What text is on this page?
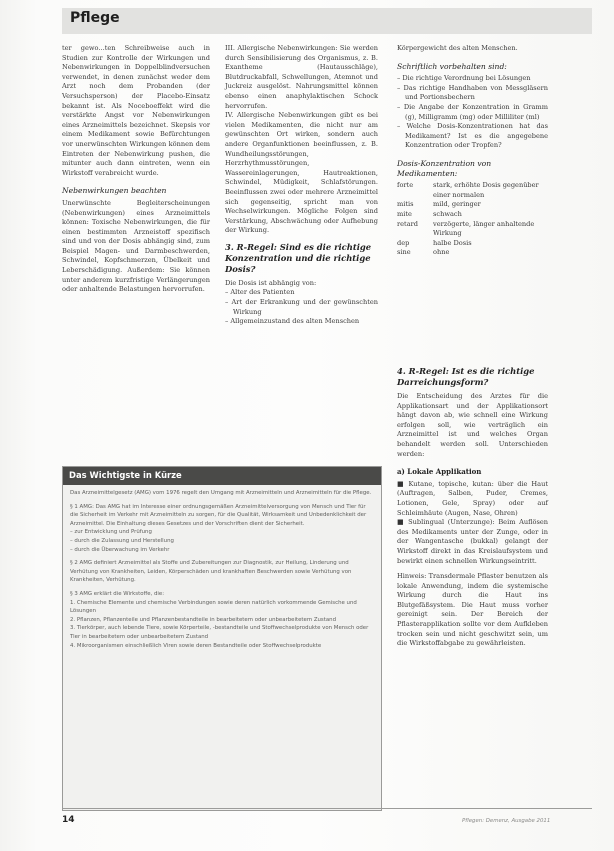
Pflege

ter gewo...ten Schreibweise auch in Studien zur Kontrolle der Wirkungen und Nebenwirkungen in Doppelblindversuchen verwendet, in denen zunächst weder dem Arzt noch dem Probanden (der Versuchsperson) der Placebo-Einsatz bekannt ist. Als Noceboeffekt wird die verstärkte Angst vor Nebenwirkungen eines Arzneimittels bezeichnet. Skepsis vor einem Medikament sowie Befürchtungen vor unerwünschten Wirkungen können dem Eintreten der Nebenwirkung pushen, die mitunter auch dann eintreten, wenn ein Wirkstoff verabreicht wurde.

Nebenwirkungen beachten

Unerwünschte Begleiterscheinungen (Nebenwirkungen) eines Arzneimittels können: Toxische Nebenwirkungen, die für einen bestimmten Arzneistoff spezifisch sind und von der Dosis abhängig sind, zum Beispiel Magen- und Darmbeschwerden, Schwindel, Kopfschmerzen, Übelkeit und Leberschädigung. Außerdem: Sie können unter anderem kurzfristige Verlängerungen oder anhaltende Belastungen hervorrufen.

III. Allergische Nebenwirkungen: Sie werden durch Sensibilisierung des Organismus, z. B. Exantheme (Hautausschläge), Blutdruckabfall, Schwellungen, Atemnot und Juckreiz ausgelöst. Nahrungsmittel können ebenso einen anaphylaktischen Schock hervorrufen.

IV. Allergische Nebenwirkungen gibt es bei vielen Medikamenten, die nicht nur am gewünschten Ort wirken, sondern auch andere Organfunktionen beeinflussen, z. B. Wundheilungsstörungen, Herzrhythmusstörungen, Wassereinlagerungen, Hautreaktionen, Schwindel, Müdigkeit, Schlafstörungen. Beeinflussen zwei oder mehrere Arzneimittel sich gegenseitig, spricht man von Wechselwirkungen. Mögliche Folgen sind Verstärkung, Abschwächung oder Aufhebung der Wirkung.

3. R-Regel: Sind es die richtige Konzentration und die richtige Dosis?

Die Dosis ist abhängig von:

– Alter des Patienten

– Art der Erkrankung und der gewünschten Wirkung

– Allgemeinzustand des alten Menschen

Körpergewicht des alten Menschen.

Schriftlich vorbehalten sind:

– Die richtige Verordnung bei Lösungen

– Das richtige Handhaben von Messgläsern und Portionsbechern

– Die Angabe der Konzentration in Gramm (g), Milligramm (mg) oder Milliliter (ml)

– Welche Dosis-Konzentrationen hat das Medikament? Ist es die angegebene Konzentration oder Tropfen?

Dosis-Konzentration von Medikamenten:
forte	stark, erhöhte Dosis gegenüber einer normalen
mitis	mild, geringer
mite	schwach
retard	verzögerte, länger anhaltende Wirkung
dep	halbe Dosis
sine	ohne
4. R-Regel: Ist es die richtige Darreichungsform?

Die Entscheidung des Arztes für die Applikationsart und der Applikationsort hängt davon ab, wie schnell eine Wirkung erfolgen soll, wie verträglich ein Arzneimittel ist und welches Organ behandelt werden soll. Unterschieden werden:

a) Lokale Applikation

■ Kutane, topische, kutan: über die Haut (Auftragen, Salben, Puder, Cremes, Lotionen, Gele, Spray) oder auf Schleimhäute (Augen, Nase, Ohren)

■ Sublingual (Unterzunge): Beim Auflösen des Medikaments unter der Zunge, oder in der Wangentasche (bukkal) gelangt der Wirkstoff direkt in das Kreislaufsystem und bewirkt einen schnellen Wirkungseintritt.

Hinweis: Transdermale Pflaster benutzen als lokale Anwendung, indem die systemische Wirkung durch die Haut ins Blutgefäßsystem. Die Haut muss vorher gereinigt sein. Der Bereich der Pflasterapplikation sollte vor dem Aufkleben trocken sein und nicht geschwitzt sein, um die Wirkstoffabgabe zu gewährleisten.

Das Wichtigste in Kürze

Das Arzneimittelgesetz (AMG) vom 1976 regelt den Umgang mit Arzneimitteln und Arzneimitteln für die Pflege.

§ 1 AMG: Das AMG hat im Interesse einer ordnungsgemäßen Arzneimittelversorgung von Mensch und Tier für die Sicherheit im Verkehr mit Arzneimitteln zu sorgen, für die Qualität, Wirksamkeit und Unbedenklichkeit der Arzneimittel. Die Einhaltung dieses Gesetzes und der Vorschriften dient der Sicherheit.

– zur Entwicklung und Prüfung
– durch die Zulassung und Herstellung
– durch die Überwachung im Verkehr

§ 2 AMG definiert Arzneimittel als Stoffe und Zubereitungen zur Diagnostik, zur Heilung, Linderung und Verhütung von Krankheiten, Leiden, Körperschäden und krankhaften Beschwerden sowie Verhütung von Krankheiten, Verhütung.

§ 3 AMG erklärt die Wirkstoffe, die:

1. Chemische Elemente und chemische Verbindungen sowie deren natürlich vorkommende Gemische und Lösungen
2. Pflanzen, Pflanzenteile und Pflanzenbestandteile in bearbeitetem oder unbearbeitetem Zustand
3. Tierkörper, auch lebende Tiere, sowie Körperteile, -bestandteile und Stoffwechselprodukte von Mensch oder Tier in bearbeitetem oder unbearbeitetem Zustand
4. Mikroorganismen einschließlich Viren sowie deren Bestandteile oder Stoffwechselprodukte
14	Pflegen: Demenz, Ausgabe 2011
